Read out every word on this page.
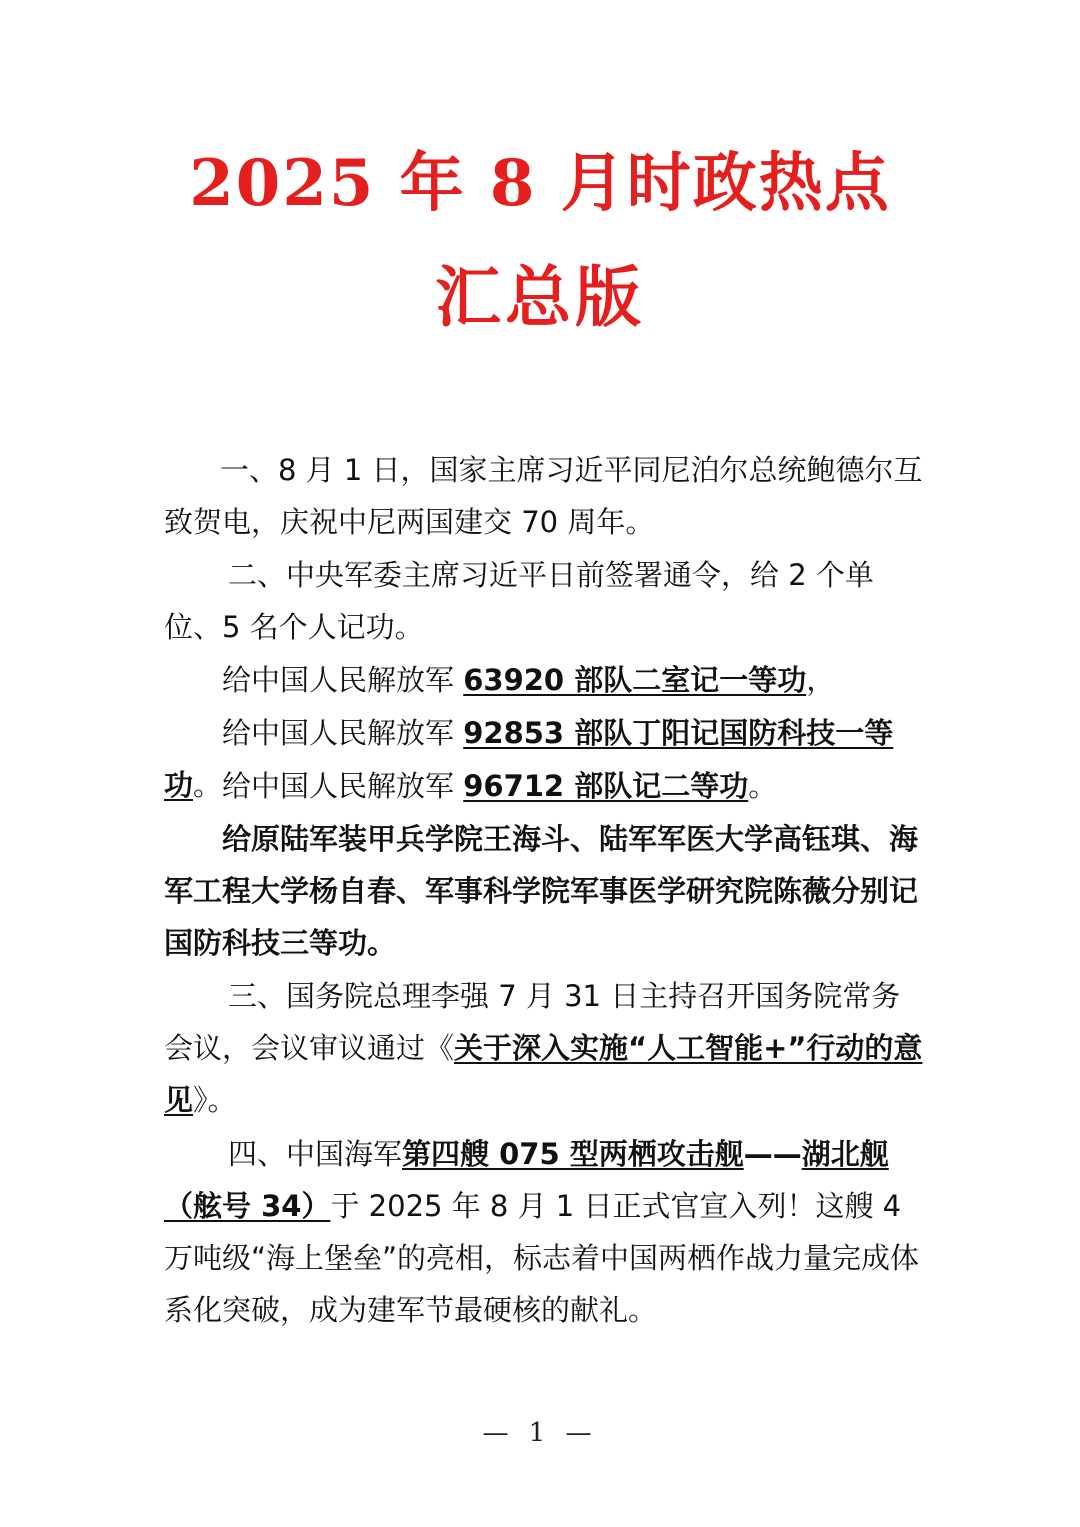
2025 年 8 月时政热点
汇总版

一、8 月 1 日，国家主席习近平同尼泊尔总统鲍德尔互致贺电，庆祝中尼两国建交 70 周年。

二、中央军委主席习近平日前签署通令，给 2 个单位、5 名个人记功。

给中国人民解放军 63920 部队二室记一等功，

给中国人民解放军 92853 部队丁阳记国防科技一等功。 给中国人民解放军 96712 部队记二等功。

给原陆军装甲兵学院王海斗、陆军军医大学高钰琪、海军工程大学杨自春、军事科学院军事医学研究院陈薇分别记国防科技三等功。

三、国务院总理李强 7 月 31 日主持召开国务院常务会议，会议审议通过《关于深入实施“人工智能+”行动的意见》。

四、中国海军第四艘 075 型两栖攻击舰——湖北舰（舷号 34）于 2025 年 8 月 1 日正式官宣入列！这艘 4 万吨级“海上堡垒”的亮相，标志着中国两栖作战力量完成体系化突破，成为建军节最硬核的献礼。

— 1 —
